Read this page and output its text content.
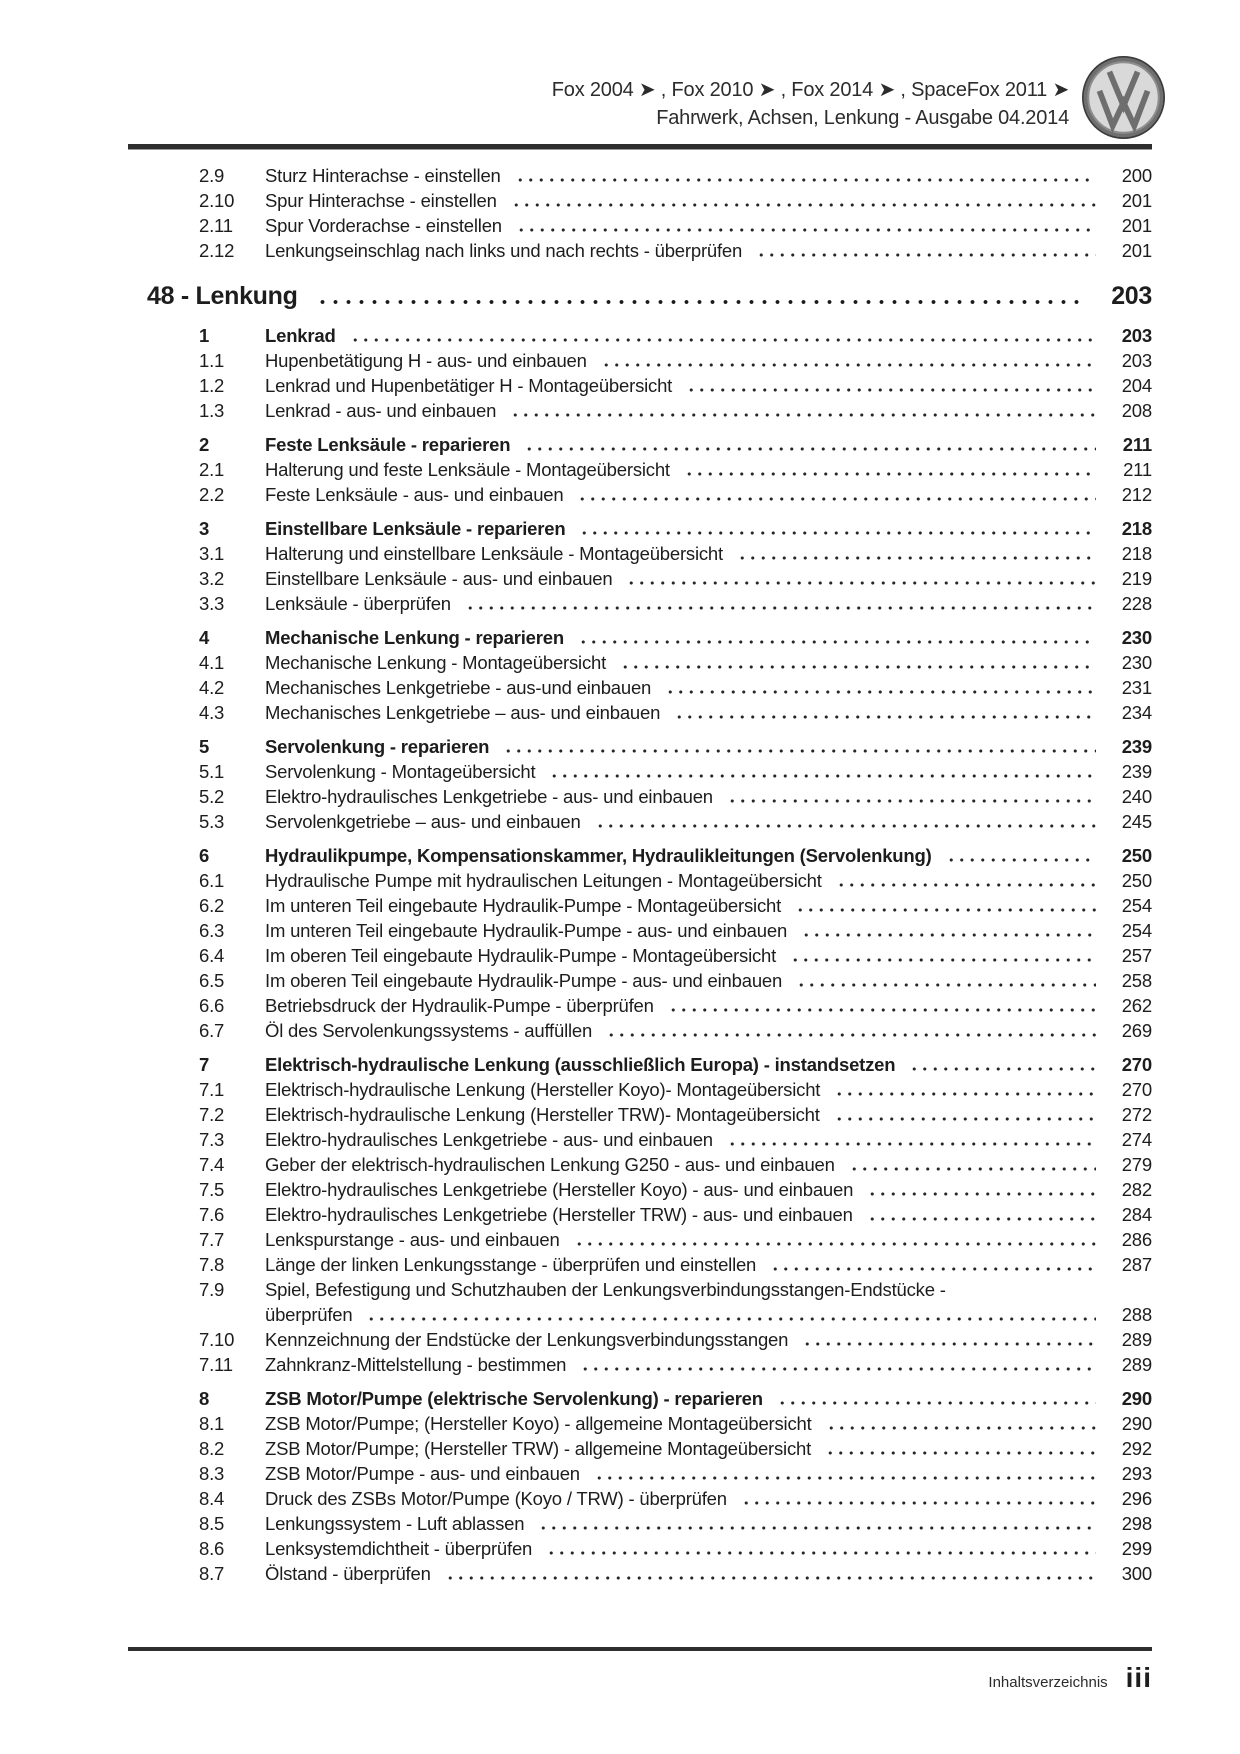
Fox 2004 ➤ , Fox 2010 ➤ , Fox 2014 ➤ , SpaceFox 2011 ➤
Fahrwerk, Achsen, Lenkung - Ausgabe 04.2014
2.9	Sturz Hinterachse - einstellen	200
2.10	Spur Hinterachse - einstellen	201
2.11	Spur Vorderachse - einstellen	201
2.12	Lenkungseinschlag nach links und nach rechts - überprüfen	201
48 - Lenkung	203
1	Lenkrad	203
1.1	Hupenbetätigung H - aus- und einbauen	203
1.2	Lenkrad und Hupenbetätiger H - Montageübersicht	204
1.3	Lenkrad - aus- und einbauen	208
2	Feste Lenksäule - reparieren	211
2.1	Halterung und feste Lenksäule - Montageübersicht	211
2.2	Feste Lenksäule - aus- und einbauen	212
3	Einstellbare Lenksäule - reparieren	218
3.1	Halterung und einstellbare Lenksäule - Montageübersicht	218
3.2	Einstellbare Lenksäule - aus- und einbauen	219
3.3	Lenksäule - überprüfen	228
4	Mechanische Lenkung - reparieren	230
4.1	Mechanische Lenkung - Montageübersicht	230
4.2	Mechanisches Lenkgetriebe - aus-und einbauen	231
4.3	Mechanisches Lenkgetriebe – aus- und einbauen	234
5	Servolenkung - reparieren	239
5.1	Servolenkung - Montageübersicht	239
5.2	Elektro-hydraulisches Lenkgetriebe - aus- und einbauen	240
5.3	Servolenkgetriebe – aus- und einbauen	245
6	Hydraulikpumpe, Kompensationskammer, Hydraulikleitungen (Servolenkung)	250
6.1	Hydraulische Pumpe mit hydraulischen Leitungen - Montageübersicht	250
6.2	Im unteren Teil eingebaute Hydraulik-Pumpe - Montageübersicht	254
6.3	Im unteren Teil eingebaute Hydraulik-Pumpe - aus- und einbauen	254
6.4	Im oberen Teil eingebaute Hydraulik-Pumpe - Montageübersicht	257
6.5	Im oberen Teil eingebaute Hydraulik-Pumpe - aus- und einbauen	258
6.6	Betriebsdruck der Hydraulik-Pumpe - überprüfen	262
6.7	Öl des Servolenkungssystems - auffüllen	269
7	Elektrisch-hydraulische Lenkung (ausschließlich Europa) - instandsetzen	270
7.1	Elektrisch-hydraulische Lenkung (Hersteller Koyo)- Montageübersicht	270
7.2	Elektrisch-hydraulische Lenkung (Hersteller TRW)- Montageübersicht	272
7.3	Elektro-hydraulisches Lenkgetriebe - aus- und einbauen	274
7.4	Geber der elektrisch-hydraulischen Lenkung G250 - aus- und einbauen	279
7.5	Elektro-hydraulisches Lenkgetriebe (Hersteller Koyo) - aus- und einbauen	282
7.6	Elektro-hydraulisches Lenkgetriebe (Hersteller TRW) - aus- und einbauen	284
7.7	Lenkspurstange - aus- und einbauen	286
7.8	Länge der linken Lenkungsstange - überprüfen und einstellen	287
7.9	Spiel, Befestigung und Schutzhauben der Lenkungsverbindungsstangen-Endstücke -
überprüfen	288
7.10	Kennzeichnung der Endstücke der Lenkungsverbindungsstangen	289
7.11	Zahnkranz-Mittelstellung - bestimmen	289
8	ZSB Motor/Pumpe (elektrische Servolenkung) - reparieren	290
8.1	ZSB Motor/Pumpe; (Hersteller Koyo) - allgemeine Montageübersicht	290
8.2	ZSB Motor/Pumpe; (Hersteller TRW) - allgemeine Montageübersicht	292
8.3	ZSB Motor/Pumpe - aus- und einbauen	293
8.4	Druck des ZSBs Motor/Pumpe (Koyo / TRW) - überprüfen	296
8.5	Lenkungssystem - Luft ablassen	298
8.6	Lenksystemdichtheit - überprüfen	299
8.7	Ölstand - überprüfen	300
Inhaltsverzeichnis iii
